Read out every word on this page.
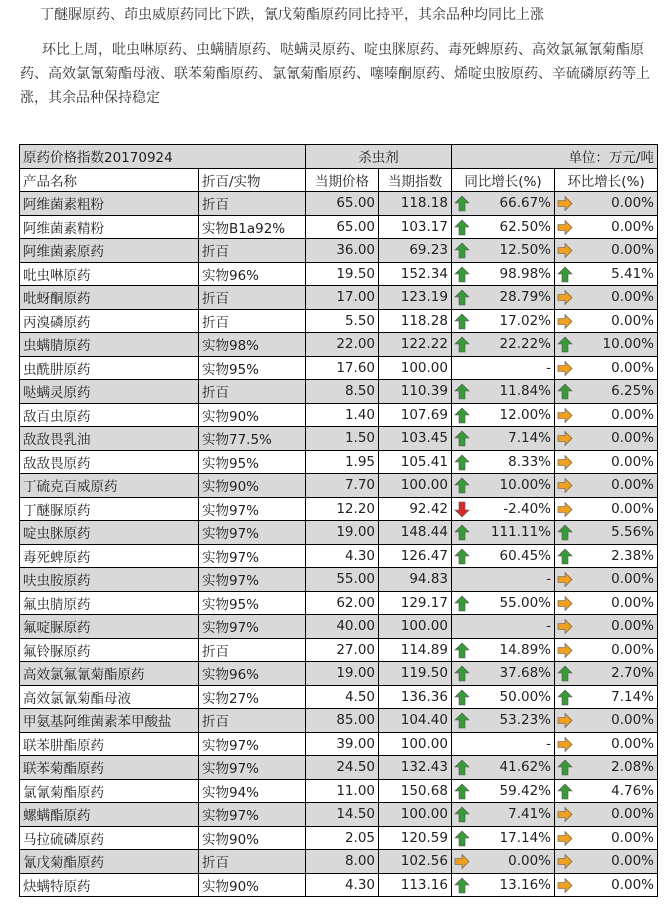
丁醚脲原药、茚虫威原药同比下跌，氰戊菊酯原药同比持平，其余品种均同比上涨
环比上周，吡虫啉原药、虫螨腈原药、哒螨灵原药、啶虫脒原药、毒死蜱原药、高效氯氟氰菊酯原药、高效氯氰菊酯母液、联苯菊酯原药、氯氰菊酯原药、噻嗪酮原药、烯啶虫胺原药、辛硫磷原药等上涨，其余品种保持稳定
原药价格指数20170924		杀虫剂		单位：万元/吨	
产品名称	折百/实物	当期价格	当期指数	同比增长(%)	环比增长(%)
阿维菌素粗粉	折百	65.00	118.18	66.67%	0.00%
阿维菌素精粉	实物B1a92%	65.00	103.17	62.50%	0.00%
阿维菌素原药	折百	36.00	69.23	12.50%	0.00%
吡虫啉原药	实物96%	19.50	152.34	98.98%	5.41%
吡蚜酮原药	折百	17.00	123.19	28.79%	0.00%
丙溴磷原药	折百	5.50	118.28	17.02%	0.00%
虫螨腈原药	实物98%	22.00	122.22	22.22%	10.00%
虫酰肼原药	实物95%	17.60	100.00	-	0.00%
哒螨灵原药	折百	8.50	110.39	11.84%	6.25%
敌百虫原药	实物90%	1.40	107.69	12.00%	0.00%
敌敌畏乳油	实物77.5%	1.50	103.45	7.14%	0.00%
敌敌畏原药	实物95%	1.95	105.41	8.33%	0.00%
丁硫克百威原药	实物90%	7.70	100.00	10.00%	0.00%
丁醚脲原药	实物97%	12.20	92.42	-2.40%	0.00%
啶虫脒原药	实物97%	19.00	148.44	111.11%	5.56%
毒死蜱原药	实物97%	4.30	126.47	60.45%	2.38%
呋虫胺原药	实物97%	55.00	94.83	-	0.00%
氟虫腈原药	实物95%	62.00	129.17	55.00%	0.00%
氟啶脲原药	实物97%	40.00	100.00	-	0.00%
氟铃脲原药	折百	27.00	114.89	14.89%	0.00%
高效氯氟氰菊酯原药	实物96%	19.00	119.50	37.68%	2.70%
高效氯氰菊酯母液	实物27%	4.50	136.36	50.00%	7.14%
甲氨基阿维菌素苯甲酸盐	折百	85.00	104.40	53.23%	0.00%
联苯肼酯原药	实物97%	39.00	100.00	-	0.00%
联苯菊酯原药	实物97%	24.50	132.43	41.62%	2.08%
氯氰菊酯原药	实物94%	11.00	150.68	59.42%	4.76%
螺螨酯原药	实物97%	14.50	100.00	7.41%	0.00%
马拉硫磷原药	实物90%	2.05	120.59	17.14%	0.00%
氰戊菊酯原药	折百	8.00	102.56	0.00%	0.00%
炔螨特原药	实物90%	4.30	113.16	13.16%	0.00%
